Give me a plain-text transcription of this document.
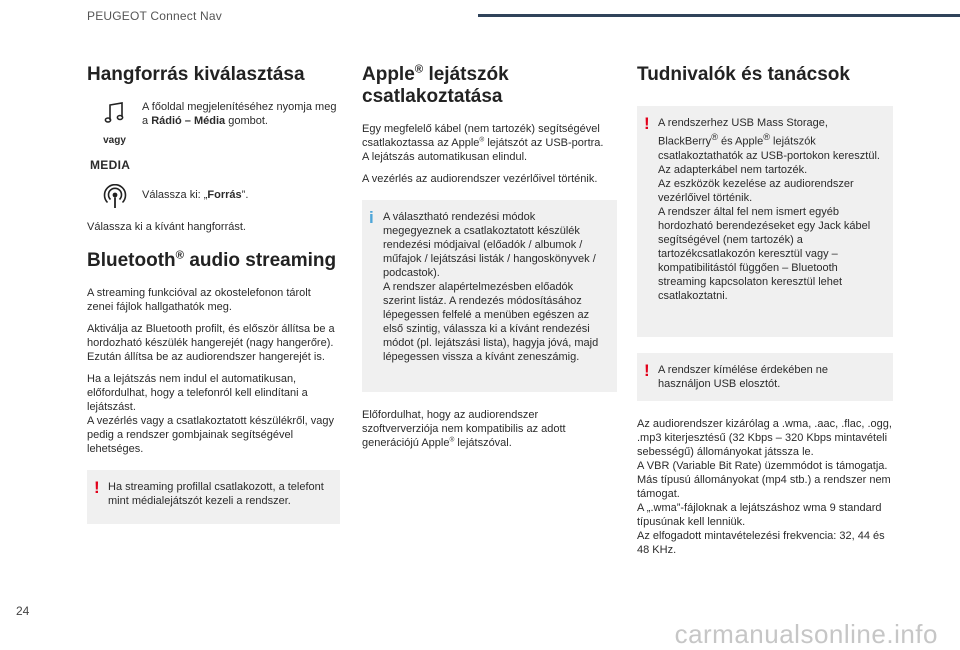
PEUGEOT Connect Nav
Hangforrás kiválasztása
vagy
A főoldal megjelenítéséhez nyomja meg a Rádió – Média gombot.
MEDIA
Válassza ki: „Forrás”.

Válassza ki a kívánt hangforrást.

Bluetooth® audio streaming

A streaming funkcióval az okostelefonon tárolt zenei fájlok hallgathatók meg.

Aktiválja az Bluetooth profilt, és először állítsa be a hordozható készülék hangerejét (nagy hangerőre).
Ezután állítsa be az audiorendszer hangerejét is.

Ha a lejátszás nem indul el automatikusan, előfordulhat, hogy a telefonról kell elindítani a lejátszást.
A vezérlés vagy a csatlakoztatott készülékről, vagy pedig a rendszer gombjainak segítségével lehetséges.

! Ha streaming profillal csatlakozott, a telefont mint médialejátszót kezeli a rendszer.
Apple® lejátszók csatlakoztatása

Egy megfelelő kábel (nem tartozék) segítségével csatlakoztassa az Apple® lejátszót az USB-portra.
A lejátszás automatikusan elindul.

A vezérlés az audiorendszer vezérlőivel történik.

i A választható rendezési módok megegyeznek a csatlakoztatott készülék rendezési módjaival (előadók / albumok / műfajok / lejátszási listák / hangoskönyvek / podcastok).
A rendszer alapértelmezésben előadók szerint listáz. A rendezés módosításához lépegessen felfelé a menüben egészen az első szintig, válassza ki a kívánt rendezési módot (pl. lejátszási lista), hagyja jóvá, majd lépegessen vissza a kívánt zeneszámig.

Előfordulhat, hogy az audiorendszer szoftververziója nem kompatibilis az adott generációjú Apple® lejátszóval.

Tudnivalók és tanácsok
! A rendszerhez USB Mass Storage, BlackBerry® és Apple® lejátszók csatlakoztathatók az USB-portokon keresztül. Az adapterkábel nem tartozék.
Az eszközök kezelése az audiorendszer vezérlőivel történik.
A rendszer által fel nem ismert egyéb hordozható berendezéseket egy Jack kábel segítségével (nem tartozék) a tartozékcsatlakozón keresztül vagy – kompatibilitástól függően – Bluetooth streaming kapcsolaton keresztül lehet csatlakoztatni.
! A rendszer kímélése érdekében ne használjon USB elosztót.

Az audiorendszer kizárólag a .wma, .aac, .flac, .ogg, .mp3 kiterjesztésű (32 Kbps – 320 Kbps mintavételi sebességű) állományokat játssza le.
A VBR (Variable Bit Rate) üzemmódot is támogatja.
Más típusú állományokat (mp4 stb.) a rendszer nem támogat.
A „.wma”-fájloknak a lejátszáshoz wma 9 standard típusúnak kell lenniük.
Az elfogadott mintavételezési frekvencia: 32, 44 és 48 KHz.

24
carmanualsonline.info
